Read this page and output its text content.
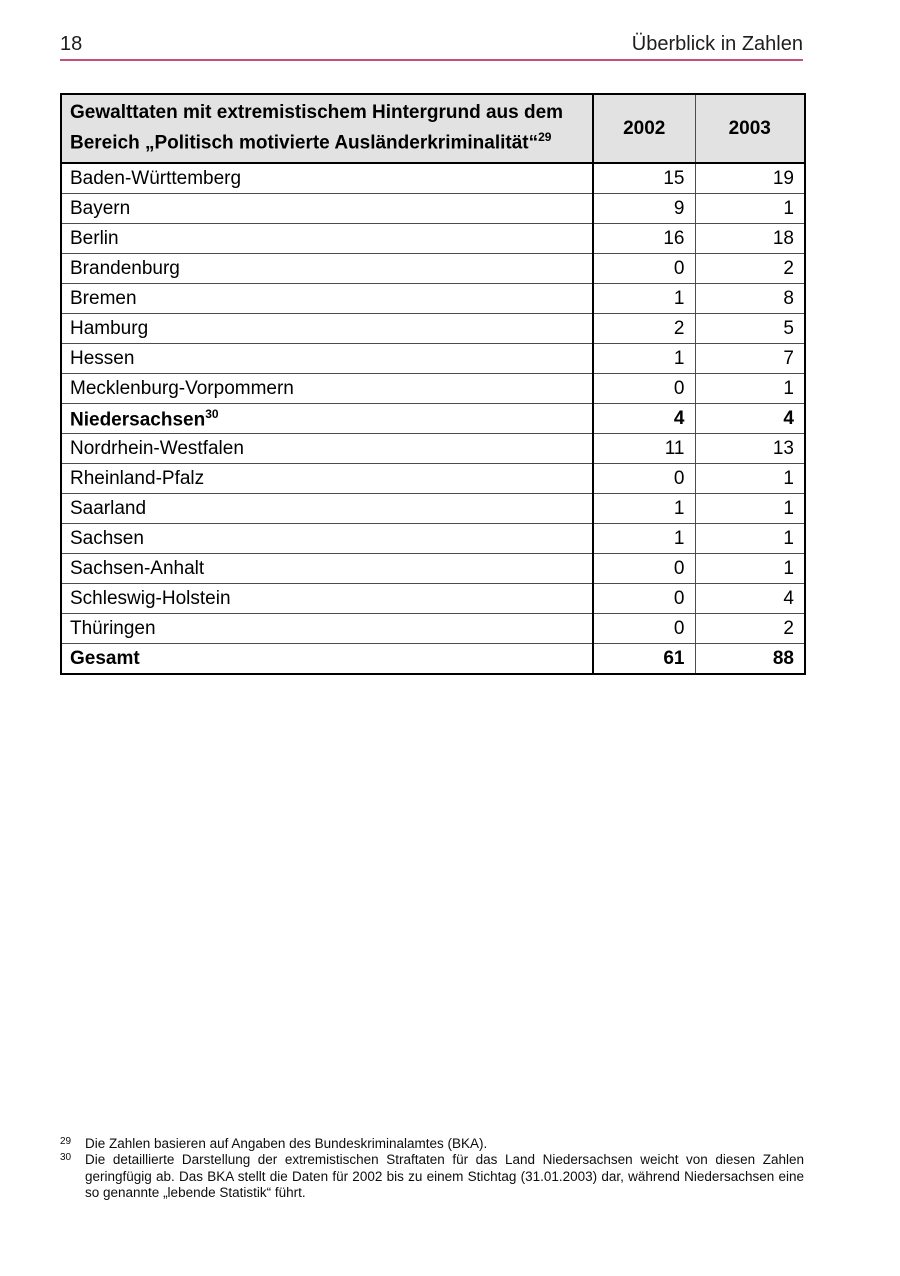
18	Überblick in Zahlen
Gewalttaten mit extremistischem Hintergrund aus dem Bereich „Politisch motivierte Ausländerkriminalität“$^{29}$	2002	2003
Baden-Württemberg	15	19
Bayern	9	1
Berlin	16	18
Brandenburg	0	2
Bremen	1	8
Hamburg	2	5
Hessen	1	7
Mecklenburg-Vorpommern	0	1
Niedersachsen$^{30}$	4	4
Nordrhein-Westfalen	11	13
Rheinland-Pfalz	0	1
Saarland	1	1
Sachsen	1	1
Sachsen-Anhalt	0	1
Schleswig-Holstein	0	4
Thüringen	0	2
Gesamt	61	88
29 Die Zahlen basieren auf Angaben des Bundeskriminalamtes (BKA).
30 Die detaillierte Darstellung der extremistischen Straftaten für das Land Niedersachsen weicht von diesen Zahlen geringfügig ab. Das BKA stellt die Daten für 2002 bis zu einem Stichtag (31.01.2003) dar, während Niedersachsen eine so genannte „lebende Statistik“ führt.
